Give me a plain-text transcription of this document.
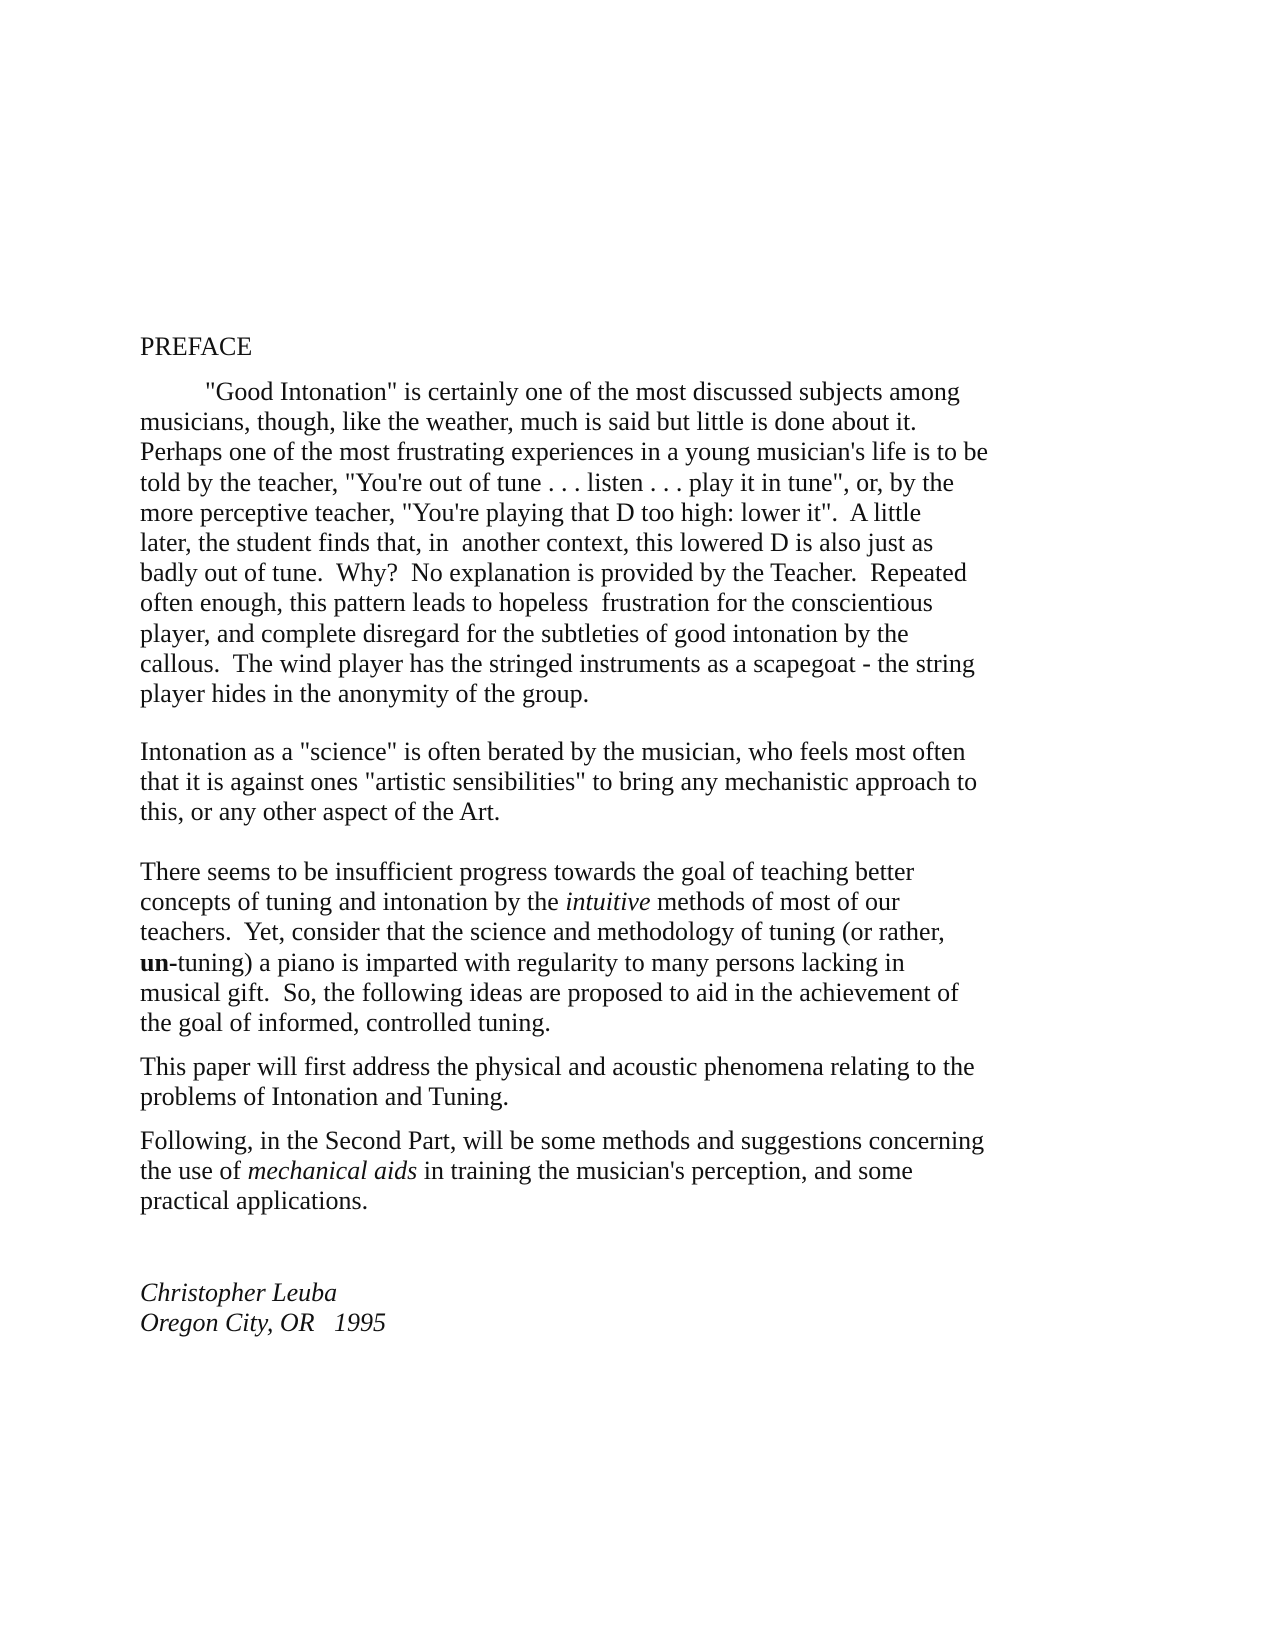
PREFACE
"Good Intonation" is certainly one of the most discussed subjects among
musicians, though, like the weather, much is said but little is done about it.
Perhaps one of the most frustrating experiences in a young musician's life is to be
told by the teacher, "You're out of tune . . . listen . . . play it in tune", or, by the
more perceptive teacher, "You're playing that D too high: lower it".  A little
later, the student finds that, in  another context, this lowered D is also just as
badly out of tune.  Why?  No explanation is provided by the Teacher.  Repeated
often enough, this pattern leads to hopeless  frustration for the conscientious
player, and complete disregard for the subtleties of good intonation by the
callous.  The wind player has the stringed instruments as a scapegoat - the string
player hides in the anonymity of the group.
Intonation as a "science" is often berated by the musician, who feels most often
that it is against ones "artistic sensibilities" to bring any mechanistic approach to
this, or any other aspect of the Art.
There seems to be insufficient progress towards the goal of teaching better
concepts of tuning and intonation by the intuitive methods of most of our
teachers.  Yet, consider that the science and methodology of tuning (or rather,
un-tuning) a piano is imparted with regularity to many persons lacking in
musical gift.  So, the following ideas are proposed to aid in the achievement of
the goal of informed, controlled tuning.
This paper will first address the physical and acoustic phenomena relating to the
problems of Intonation and Tuning.
Following, in the Second Part, will be some methods and suggestions concerning
the use of mechanical aids in training the musician's perception, and some
practical applications.
Christopher Leuba
Oregon City, OR   1995
